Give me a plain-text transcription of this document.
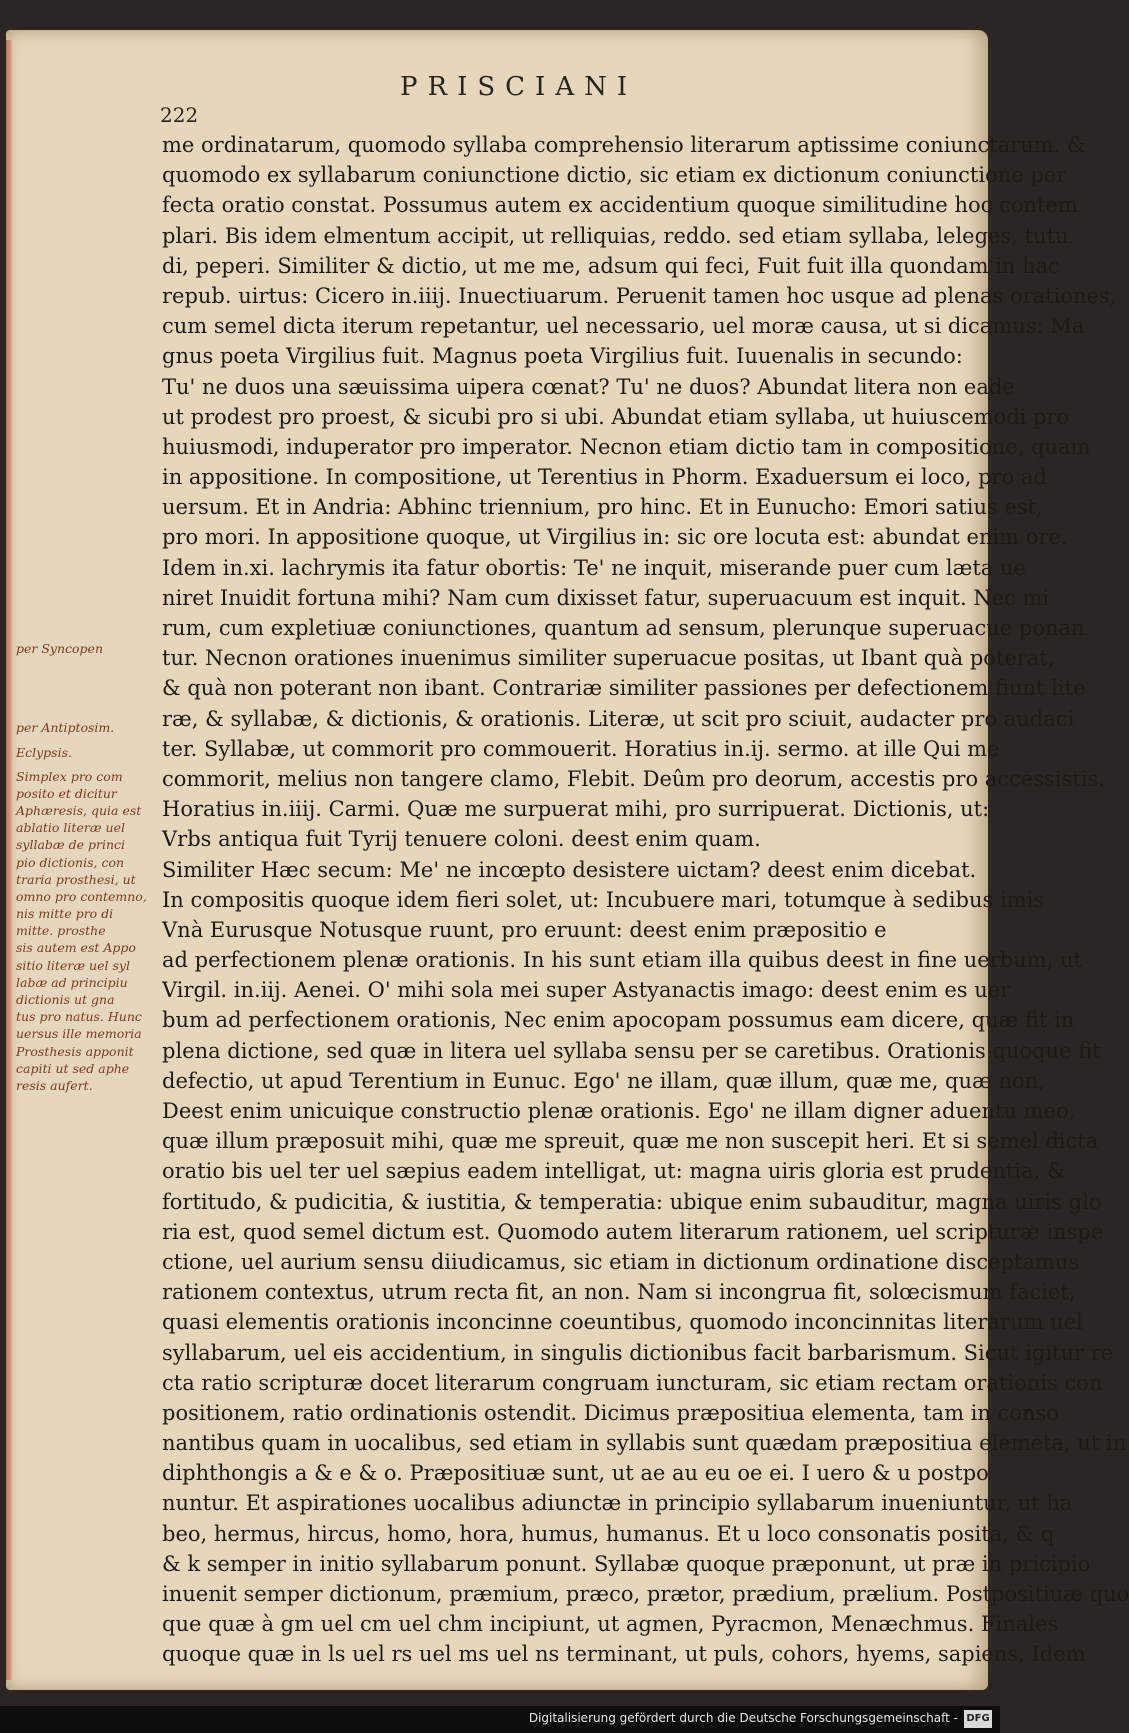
PRISCIANI
222
me ordinatarum, quomodo syllaba comprehensio literarum aptissime coniunctarum. &
quomodo ex syllabarum coniunctione dictio, sic etiam ex dictionum coniunctione per
fecta oratio constat. Possumus autem ex accidentium quoque similitudine hoc contem
plari. Bis idem elmentum accipit, ut relliquias, reddo. sed etiam syllaba, leleges, tutu
di, peperi. Similiter & dictio, ut me me, adsum qui feci, Fuit fuit illa quondam in hac
repub. uirtus: Cicero in.iiij. Inuectiuarum. Peruenit tamen hoc usque ad plenas orationes,
cum semel dicta iterum repetantur, uel necessario, uel moræ causa, ut si dicamus: Ma
gnus poeta Virgilius fuit. Magnus poeta Virgilius fuit. Iuuenalis in secundo:
Tu' ne duos una sæuissima uipera cœnat? Tu' ne duos? Abundat litera non eade
ut prodest pro proest, & sicubi pro si ubi. Abundat etiam syllaba, ut huiuscemodi pro
huiusmodi, induperator pro imperator. Necnon etiam dictio tam in compositione, quam
in appositione. In compositione, ut Terentius in Phorm. Exaduersum ei loco, pro ad
uersum. Et in Andria: Abhinc triennium, pro hinc. Et in Eunucho: Emori satius est,
pro mori. In appositione quoque, ut Virgilius in: sic ore locuta est: abundat enim ore.
Idem in.xi. lachrymis ita fatur obortis: Te' ne inquit, miserande puer cum læta ue
niret Inuidit fortuna mihi? Nam cum dixisset fatur, superuacuum est inquit. Nec mi
rum, cum expletiuæ coniunctiones, quantum ad sensum, plerunque superuacue ponan
tur. Necnon orationes inuenimus similiter superuacue positas, ut Ibant quà poterat,
& quà non poterant non ibant. Contrariæ similiter passiones per defectionem fiunt lite
ræ, & syllabæ, & dictionis, & orationis. Literæ, ut scit pro sciuit, audacter pro audaci
ter. Syllabæ, ut commorit pro commouerit. Horatius in.ij. sermo. at ille Qui me
commorit, melius non tangere clamo, Flebit. Deûm pro deorum, accestis pro accessistis.
Horatius in.iiij. Carmi. Quæ me surpuerat mihi, pro surripuerat. Dictionis, ut:
Vrbs antiqua fuit Tyrij tenuere coloni. deest enim quam.
Similiter Hæc secum: Me' ne incœpto desistere uictam? deest enim dicebat.
In compositis quoque idem fieri solet, ut: Incubuere mari, totumque à sedibus imis
Vnà Eurusque Notusque ruunt, pro eruunt: deest enim præpositio e
ad perfectionem plenæ orationis. In his sunt etiam illa quibus deest in fine uerbum, ut
Virgil. in.iij. Aenei. O' mihi sola mei super Astyanactis imago: deest enim es uer
bum ad perfectionem orationis, Nec enim apocopam possumus eam dicere, quæ fit in
plena dictione, sed quæ in litera uel syllaba sensu per se caretibus. Orationis quoque fit
defectio, ut apud Terentium in Eunuc. Ego' ne illam, quæ illum, quæ me, quæ non,
Deest enim unicuique constructio plenæ orationis. Ego' ne illam digner aduentu meo,
quæ illum præposuit mihi, quæ me spreuit, quæ me non suscepit heri. Et si semel dicta
oratio bis uel ter uel sæpius eadem intelligat, ut: magna uiris gloria est prudentia, &
fortitudo, & pudicitia, & iustitia, & temperatia: ubique enim subauditur, magna uiris glo
ria est, quod semel dictum est. Quomodo autem literarum rationem, uel scripturæ inspe
ctione, uel aurium sensu diiudicamus, sic etiam in dictionum ordinatione disceptamus
rationem contextus, utrum recta fit, an non. Nam si incongrua fit, solœcismum faciet,
quasi elementis orationis inconcinne coeuntibus, quomodo inconcinnitas literarum uel
syllabarum, uel eis accidentium, in singulis dictionibus facit barbarismum. Sicut igitur re
cta ratio scripturæ docet literarum congruam iuncturam, sic etiam rectam orationis con
positionem, ratio ordinationis ostendit. Dicimus præpositiua elementa, tam in conso
nantibus quam in uocalibus, sed etiam in syllabis sunt quædam præpositiua elemeta, ut in
diphthongis a & e & o. Præpositiuæ sunt, ut ae au eu oe ei. I uero & u postpo
nuntur. Et aspirationes uocalibus adiunctæ in principio syllabarum inueniuntur, ut ha
beo, hermus, hircus, homo, hora, humus, humanus. Et u loco consonatis posita, & q
& k semper in initio syllabarum ponunt. Syllabæ quoque præponunt, ut præ in pricipio
inuenit semper dictionum, præmium, præco, prætor, prædium, prælium. Postpositiuæ quo
que quæ à gm uel cm uel chm incipiunt, ut agmen, Pyracmon, Menæchmus. Finales
quoque quæ in ls uel rs uel ms uel ns terminant, ut puls, cohors, hyems, sapiens, Idem
per Syncopen
per Antiptosim.
Eclypsis.
Simplex pro com
posito et dicitur
Aphæresis, quia est
ablatio literæ uel
syllabæ de princi
pio dictionis, con
traria prosthesi, ut
omno pro contemno,
nis mitte pro di
mitte. prosthe
sis autem est Appo
sitio literæ uel syl
labæ ad principiu
dictionis ut gna
tus pro natus. Hunc
uersus ille memoria
Prosthesis apponit
capiti ut sed aphe
resis aufert.
Digitalisierung gefördert durch die Deutsche Forschungsgemeinschaft - DFG
